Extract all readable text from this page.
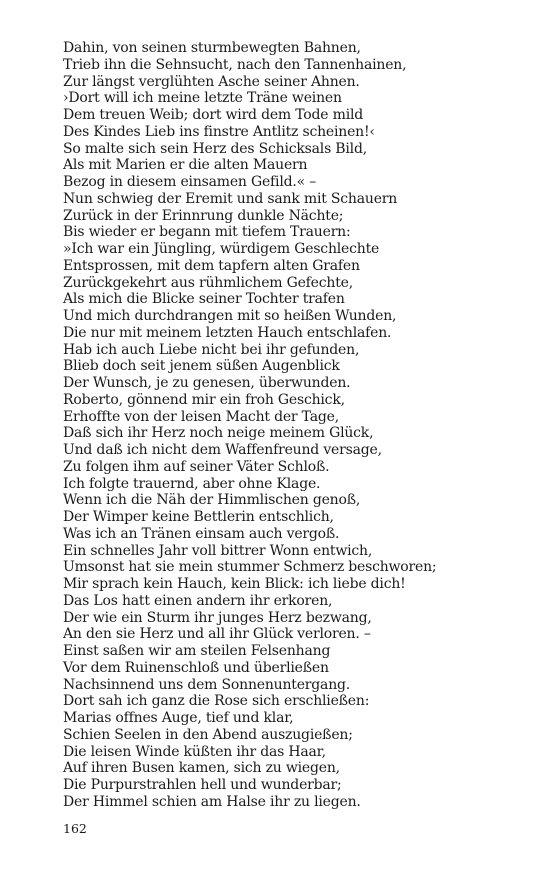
Dahin, von seinen sturmbewegten Bahnen,
Trieb ihn die Sehnsucht, nach den Tannenhainen,
Zur längst verglühten Asche seiner Ahnen.
›Dort will ich meine letzte Träne weinen
Dem treuen Weib; dort wird dem Tode mild
Des Kindes Lieb ins finstre Antlitz scheinen!‹
So malte sich sein Herz des Schicksals Bild,
Als mit Marien er die alten Mauern
Bezog in diesem einsamen Gefild.« –
Nun schwieg der Eremit und sank mit Schauern
Zurück in der Erinnrung dunkle Nächte;
Bis wieder er begann mit tiefem Trauern:
»Ich war ein Jüngling, würdigem Geschlechte
Entsprossen, mit dem tapfern alten Grafen
Zurückgekehrt aus rühmlichem Gefechte,
Als mich die Blicke seiner Tochter trafen
Und mich durchdrangen mit so heißen Wunden,
Die nur mit meinem letzten Hauch entschlafen.
Hab ich auch Liebe nicht bei ihr gefunden,
Blieb doch seit jenem süßen Augenblick
Der Wunsch, je zu genesen, überwunden.
Roberto, gönnend mir ein froh Geschick,
Erhoffte von der leisen Macht der Tage,
Daß sich ihr Herz noch neige meinem Glück,
Und daß ich nicht dem Waffenfreund versage,
Zu folgen ihm auf seiner Väter Schloß.
Ich folgte trauernd, aber ohne Klage.
Wenn ich die Näh der Himmlischen genoß,
Der Wimper keine Bettlerin entschlich,
Was ich an Tränen einsam auch vergoß.
Ein schnelles Jahr voll bittrer Wonn entwich,
Umsonst hat sie mein stummer Schmerz beschworen;
Mir sprach kein Hauch, kein Blick: ich liebe dich!
Das Los hatt einen andern ihr erkoren,
Der wie ein Sturm ihr junges Herz bezwang,
An den sie Herz und all ihr Glück verloren. –
Einst saßen wir am steilen Felsenhang
Vor dem Ruinenschloß und überließen
Nachsinnend uns dem Sonnenuntergang.
Dort sah ich ganz die Rose sich erschließen:
Marias offnes Auge, tief und klar,
Schien Seelen in den Abend auszugießen;
Die leisen Winde küßten ihr das Haar,
Auf ihren Busen kamen, sich zu wiegen,
Die Purpurstrahlen hell und wunderbar;
Der Himmel schien am Halse ihr zu liegen.
162
